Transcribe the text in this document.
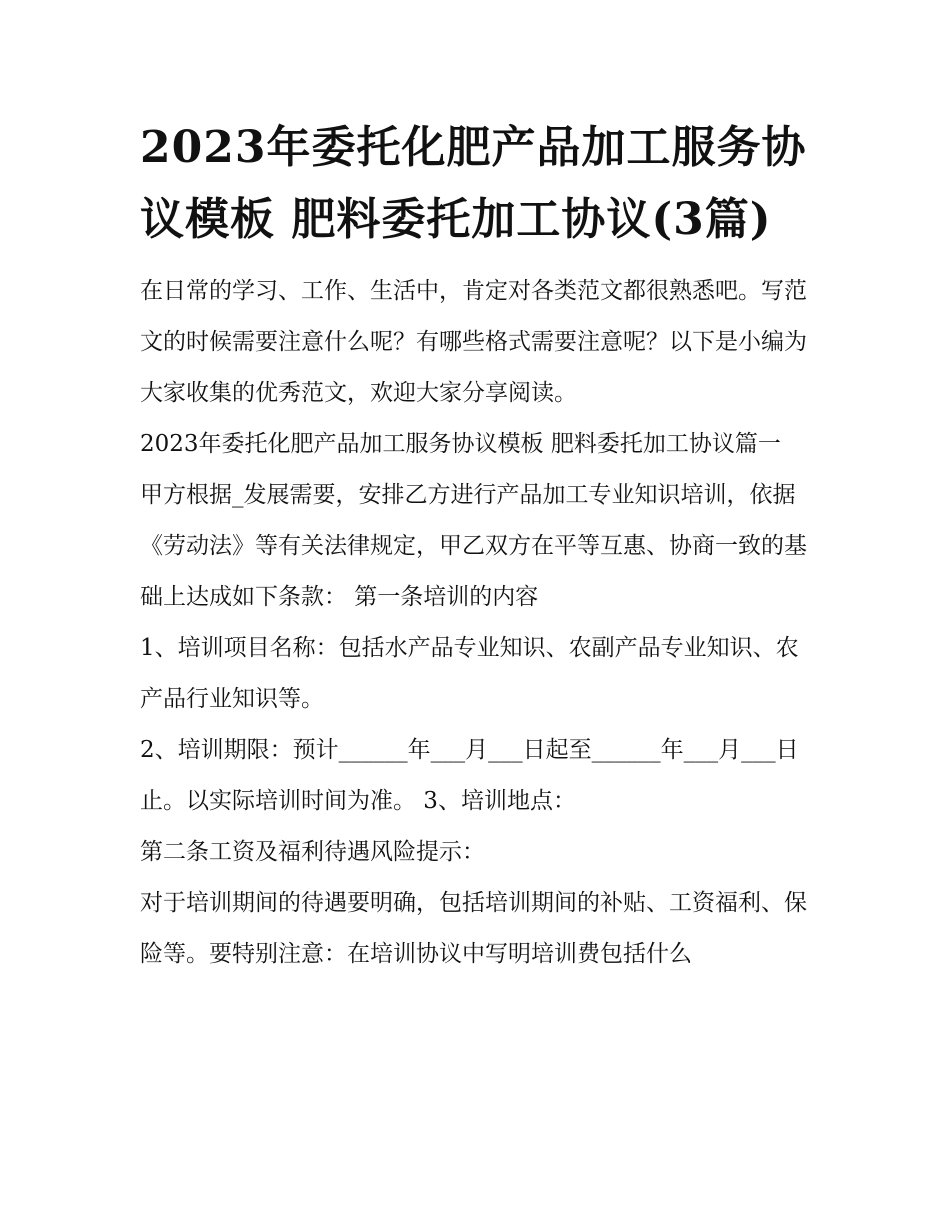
2023年委托化肥产品加工服务协议模板 肥料委托加工协议(3篇)

在日常的学习、工作、生活中，肯定对各类范文都很熟悉吧。写范文的时候需要注意什么呢？有哪些格式需要注意呢？以下是小编为大家收集的优秀范文，欢迎大家分享阅读。

2023年委托化肥产品加工服务协议模板 肥料委托加工协议篇一

甲方根据_发展需要，安排乙方进行产品加工专业知识培训，依据《劳动法》等有关法律规定，甲乙双方在平等互惠、协商一致的基础上达成如下条款： 第一条培训的内容

1、培训项目名称：包括水产品专业知识、农副产品专业知识、农产品行业知识等。

2、培训期限：预计______年___月___日起至______年___月___日止。以实际培训时间为准。 3、培训地点：

第二条工资及福利待遇风险提示：

对于培训期间的待遇要明确，包括培训期间的补贴、工资福利、保险等。要特别注意：在培训协议中写明培训费包括什么
